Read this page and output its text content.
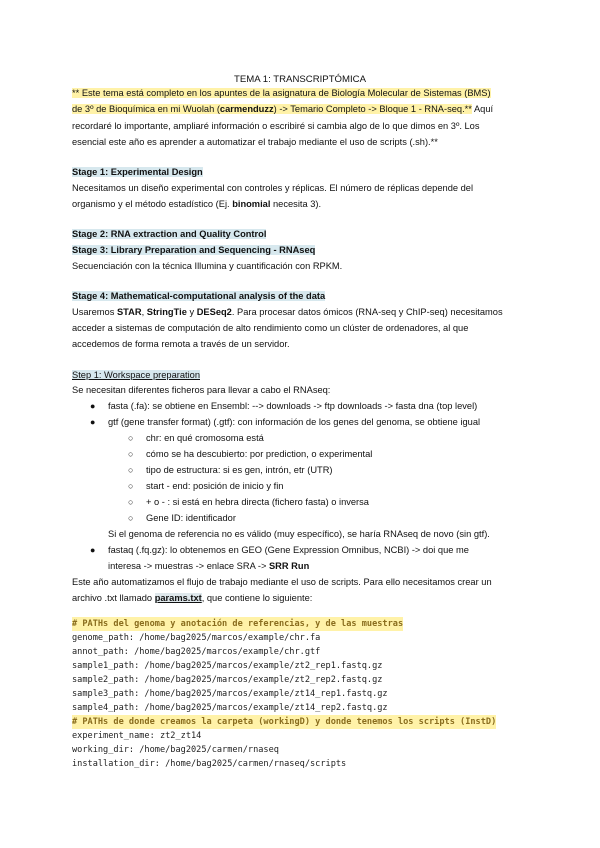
TEMA 1: TRANSCRIPTÓMICA
** Este tema está completo en los apuntes de la asignatura de Biología Molecular de Sistemas (BMS)
de 3º de Bioquímica en mi Wuolah (carmenduzz) -> Temario Completo -> Bloque 1 - RNA-seq.** Aquí
recordaré lo importante, ampliaré información o escribiré si cambia algo de lo que dimos en 3º. Los
esencial este año es aprender a automatizar el trabajo mediante el uso de scripts (.sh).**
Stage 1: Experimental Design
Necesitamos un diseño experimental con controles y réplicas. El número de réplicas depende del
organismo y el método estadístico (Ej. binomial necesita 3).
Stage 2: RNA extraction and Quality Control
Stage 3: Library Preparation and Sequencing - RNAseq
Secuenciación con la técnica Illumina y cuantificación con RPKM.
Stage 4: Mathematical-computational analysis of the data
Usaremos STAR, StringTie y DESeq2. Para procesar datos ómicos (RNA-seq y ChIP-seq) necesitamos
acceder a sistemas de computación de alto rendimiento como un clúster de ordenadores, al que
accedemos de forma remota a través de un servidor.
Step 1: Workspace preparation
Se necesitan diferentes ficheros para llevar a cabo el RNAseq:
● fasta (.fa): se obtiene en Ensembl: --> downloads -> ftp downloads -> fasta dna (top level)
● gtf (gene transfer format) (.gtf): con información de los genes del genoma, se obtiene igual
○ chr: en qué cromosoma está
○ cómo se ha descubierto: por prediction, o experimental
○ tipo de estructura: si es gen, intrón, etr (UTR)
○ start - end: posición de inicio y fin
○ + o - : si está en hebra directa (fichero fasta) o inversa
○ Gene ID: identificador
Si el genoma de referencia no es válido (muy específico), se haría RNAseq de novo (sin gtf).
● fastaq (.fq.gz): lo obtenemos en GEO (Gene Expression Omnibus, NCBI) -> doi que me
interesa -> muestras -> enlace SRA -> SRR Run
Este año automatizamos el flujo de trabajo mediante el uso de scripts. Para ello necesitamos crear un
archivo .txt llamado params.txt, que contiene lo siguiente:
# PATHs del genoma y anotación de referencias, y de las muestras
genome_path: /home/bag2025/marcos/example/chr.fa
annot_path: /home/bag2025/marcos/example/chr.gtf
sample1_path: /home/bag2025/marcos/example/zt2_rep1.fastq.gz
sample2_path: /home/bag2025/marcos/example/zt2_rep2.fastq.gz
sample3_path: /home/bag2025/marcos/example/zt14_rep1.fastq.gz
sample4_path: /home/bag2025/marcos/example/zt14_rep2.fastq.gz
# PATHs de donde creamos la carpeta (workingD) y donde tenemos los scripts (InstD)
experiment_name: zt2_zt14
working_dir: /home/bag2025/carmen/rnaseq
installation_dir: /home/bag2025/carmen/rnaseq/scripts
